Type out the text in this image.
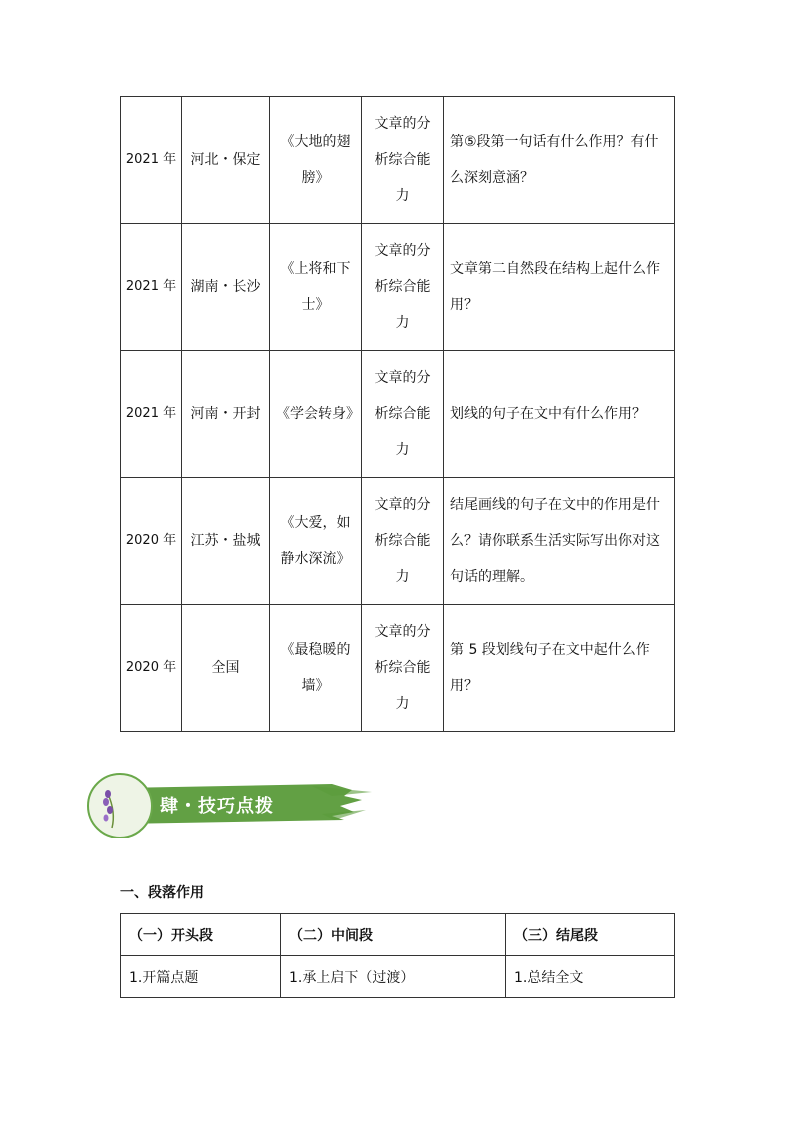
2021 年	河北・保定	《大地的翅膀》	文章的分析综合能力	第⑤段第一句话有什么作用？有什么深刻意涵？
2021 年	湖南・长沙	《上将和下士》	文章的分析综合能力	文章第二自然段在结构上起什么作用？
2021 年	河南・开封	《学会转身》	文章的分析综合能力	划线的句子在文中有什么作用？
2020 年	江苏・盐城	《大爱，如静水深流》	文章的分析综合能力	结尾画线的句子在文中的作用是什么？请你联系生活实际写出你对这句话的理解。
2020 年	全国	《最稳暖的墙》	文章的分析综合能力	第 5 段划线句子在文中起什么作用？
肆・技巧点拨
一、段落作用
（一）开头段	（二）中间段	（三）结尾段
1.开篇点题	1.承上启下（过渡）	1.总结全文
